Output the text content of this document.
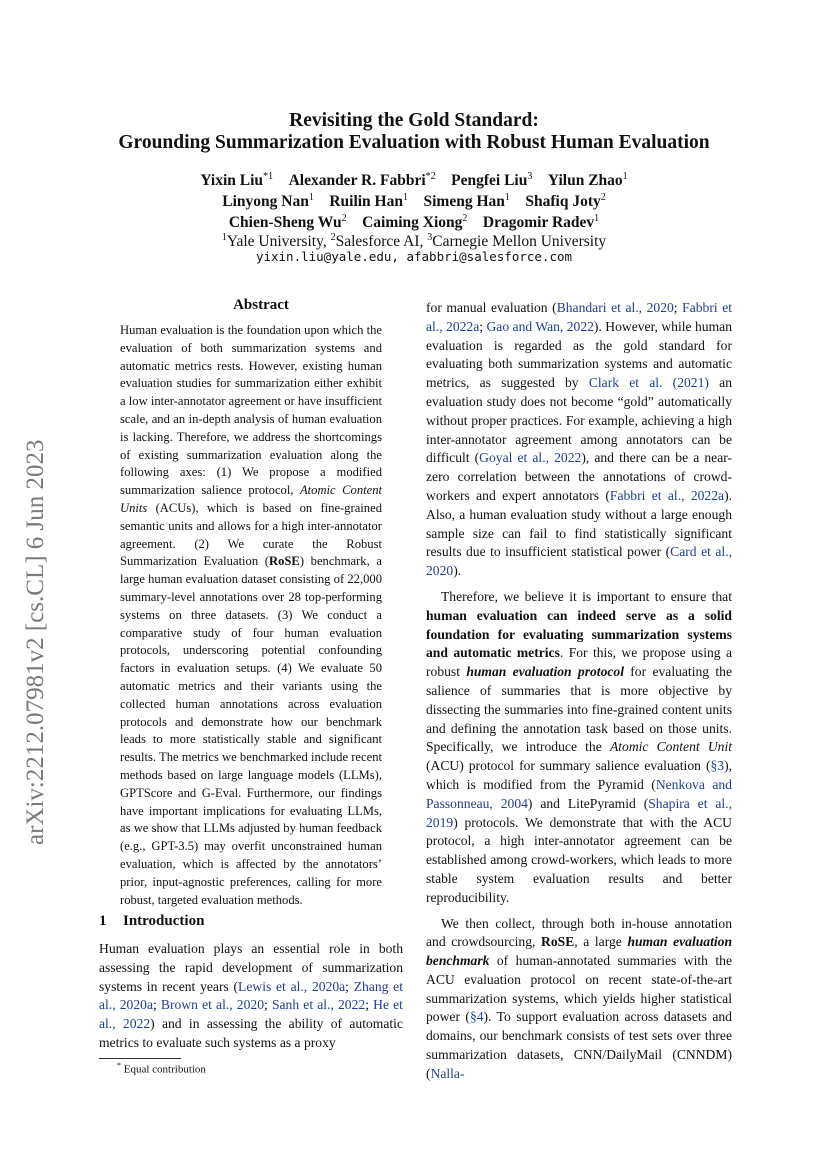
arXiv:2212.07981v2 [cs.CL] 6 Jun 2023
Revisiting the Gold Standard:
Grounding Summarization Evaluation with Robust Human Evaluation
Yixin Liu$^{*1}$ Alexander R. Fabbri$^{*2}$ Pengfei Liu$^3$ Yilun Zhao$^1$
Linyong Nan$^1$ Ruilin Han$^1$ Simeng Han$^1$ Shafiq Joty$^2$
Chien-Sheng Wu$^2$ Caiming Xiong$^2$ Dragomir Radev$^1$
$^1$Yale University, $^2$Salesforce AI, $^3$Carnegie Mellon University
yixin.liu@yale.edu, afabbri@salesforce.com
Abstract
Human evaluation is the foundation upon which the evaluation of both summarization systems and automatic metrics rests. However, existing human evaluation studies for summarization either exhibit a low inter-annotator agreement or have insufficient scale, and an in-depth analysis of human evaluation is lacking. Therefore, we address the shortcomings of existing summarization evaluation along the following axes: (1) We propose a modified summarization salience protocol, Atomic Content Units (ACUs), which is based on fine-grained semantic units and allows for a high inter-annotator agreement. (2) We curate the Robust Summarization Evaluation (RoSE) benchmark, a large human evaluation dataset consisting of 22,000 summary-level annotations over 28 top-performing systems on three datasets. (3) We conduct a comparative study of four human evaluation protocols, underscoring potential confounding factors in evaluation setups. (4) We evaluate 50 automatic metrics and their variants using the collected human annotations across evaluation protocols and demonstrate how our benchmark leads to more statistically stable and significant results. The metrics we benchmarked include recent methods based on large language models (LLMs), GPTScore and G-Eval. Furthermore, our findings have important implications for evaluating LLMs, as we show that LLMs adjusted by human feedback (e.g., GPT-3.5) may overfit unconstrained human evaluation, which is affected by the annotators’ prior, input-agnostic preferences, calling for more robust, targeted evaluation methods.
1 Introduction
Human evaluation plays an essential role in both assessing the rapid development of summarization systems in recent years (Lewis et al., 2020a; Zhang et al., 2020a; Brown et al., 2020; Sanh et al., 2022; He et al., 2022) and in assessing the ability of automatic metrics to evaluate such systems as a proxy

for manual evaluation (Bhandari et al., 2020; Fabbri et al., 2022a; Gao and Wan, 2022). However, while human evaluation is regarded as the gold standard for evaluating both summarization systems and automatic metrics, as suggested by Clark et al. (2021) an evaluation study does not become “gold” automatically without proper practices. For example, achieving a high inter-annotator agreement among annotators can be difficult (Goyal et al., 2022), and there can be a near-zero correlation between the annotations of crowd-workers and expert annotators (Fabbri et al., 2022a). Also, a human evaluation study without a large enough sample size can fail to find statistically significant results due to insufficient statistical power (Card et al., 2020).

Therefore, we believe it is important to ensure that human evaluation can indeed serve as a solid foundation for evaluating summarization systems and automatic metrics. For this, we propose using a robust human evaluation protocol for evaluating the salience of summaries that is more objective by dissecting the summaries into fine-grained content units and defining the annotation task based on those units. Specifically, we introduce the Atomic Content Unit (ACU) protocol for summary salience evaluation (§3), which is modified from the Pyramid (Nenkova and Passonneau, 2004) and LitePyramid (Shapira et al., 2019) protocols. We demonstrate that with the ACU protocol, a high inter-annotator agreement can be established among crowd-workers, which leads to more stable system evaluation results and better reproducibility.

We then collect, through both in-house annotation and crowdsourcing, RoSE, a large human evaluation benchmark of human-annotated summaries with the ACU evaluation protocol on recent state-of-the-art summarization systems, which yields higher statistical power (§4). To support evaluation across datasets and domains, our benchmark consists of test sets over three summarization datasets, CNN/DailyMail (CNNDM) (Nalla-

* Equal contribution
